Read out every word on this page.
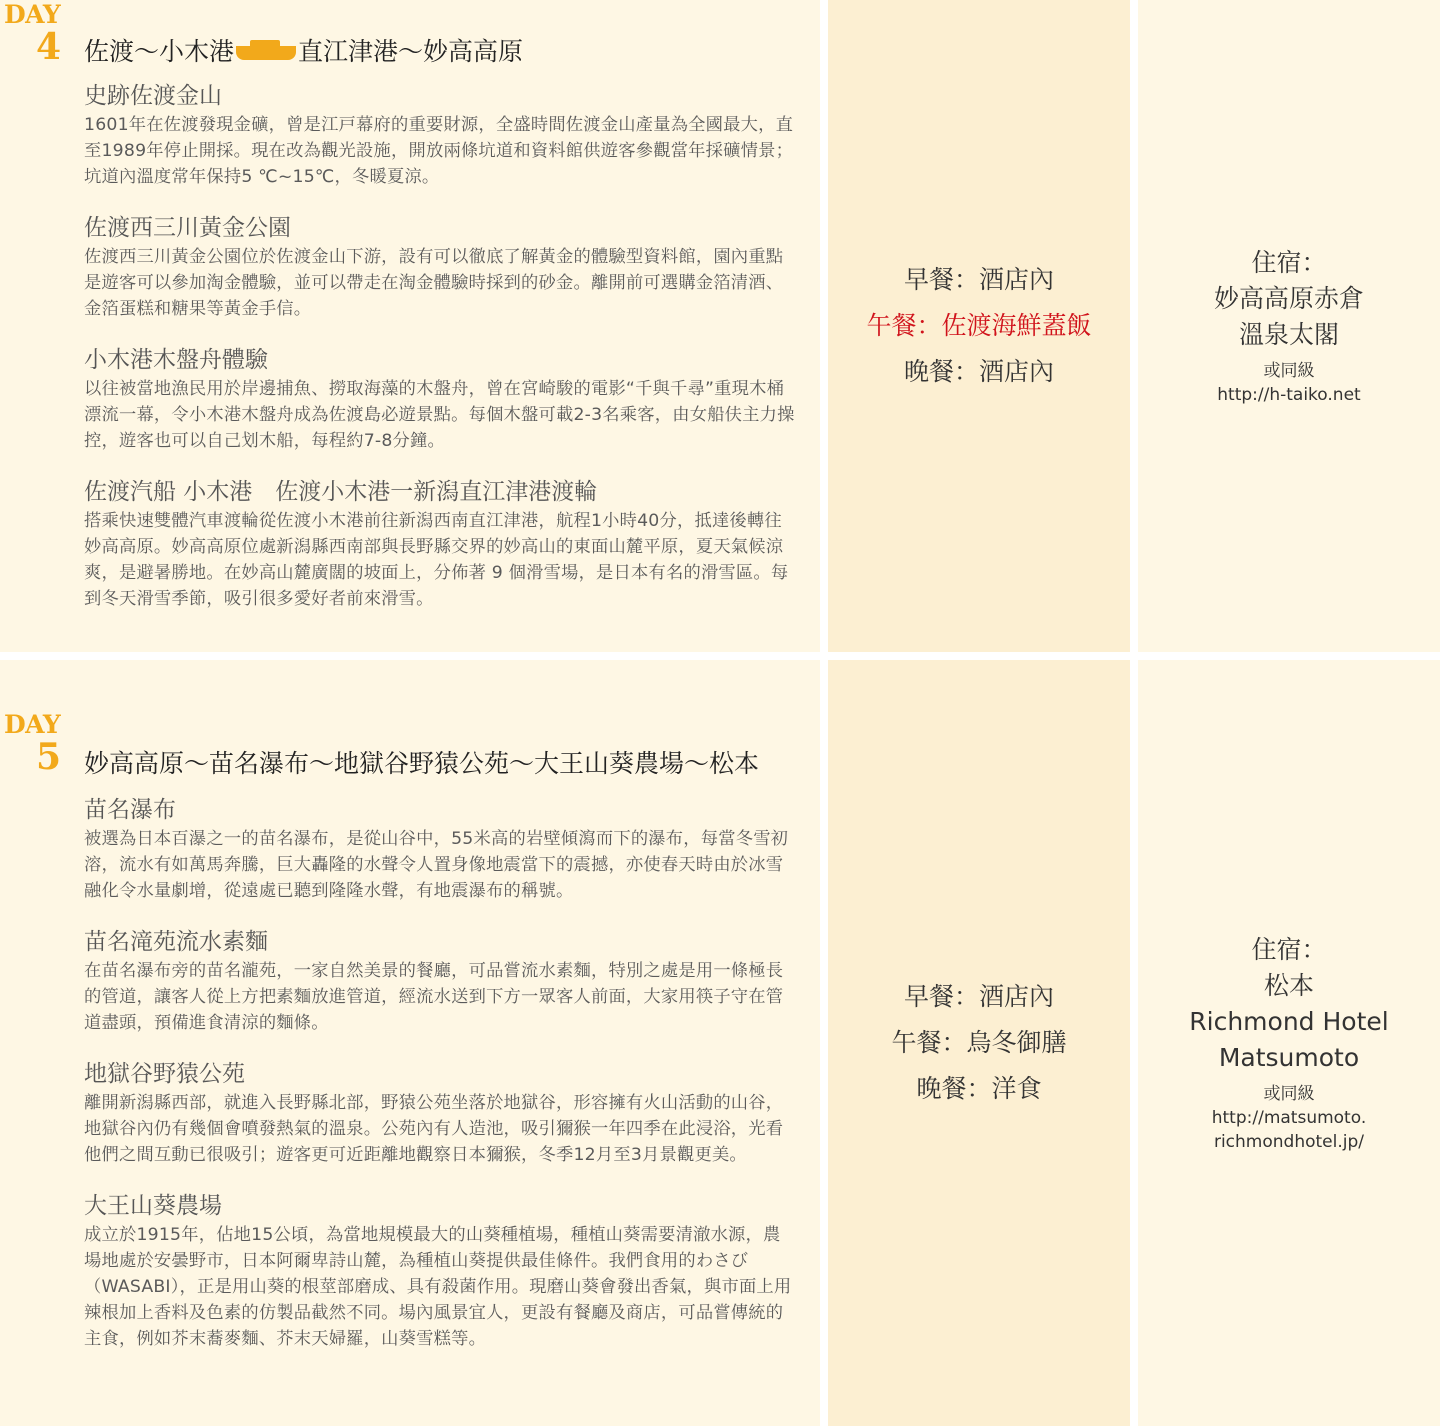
DAY
4 佐渡～小木港	直江津港～妙高高原
史跡佐渡金山
1601年在佐渡發現金礦，曾是江戸幕府的重要財源，全盛時間佐渡金山產量為全國最大，直至1989年停止開採。現在改為觀光設施，開放兩條坑道和資料館供遊客參觀當年採礦情景；坑道內溫度常年保持5 ℃~15℃，冬暖夏涼。
佐渡西三川黃金公園
佐渡西三川黃金公園位於佐渡金山下游，設有可以徹底了解黃金的體驗型資料館，園內重點是遊客可以參加淘金體驗，並可以帶走在淘金體驗時採到的砂金。離開前可選購金箔清酒、金箔蛋糕和糖果等黃金手信。
小木港木盤舟體驗
以往被當地漁民用於岸邊捕魚、撈取海藻的木盤舟，曾在宮崎駿的電影“千與千尋”重現木桶漂流一幕，令小木港木盤舟成為佐渡島必遊景點。每個木盤可載2-3名乘客，由女船伕主力操控，遊客也可以自己划木船，每程約7-8分鐘。
佐渡汽船 小木港　佐渡小木港一新潟直江津港渡輪
搭乘快速雙體汽車渡輪從佐渡小木港前往新潟西南直江津港，航程1小時40分，抵達後轉往妙高高原。妙高高原位處新潟縣西南部與長野縣交界的妙高山的東面山麓平原，夏天氣候涼爽，是避暑勝地。在妙高山麓廣闊的坡面上，分佈著 9 個滑雪場，是日本有名的滑雪區。每到冬天滑雪季節，吸引很多愛好者前來滑雪。
早餐：酒店內
午餐：佐渡海鮮蓋飯
晚餐：酒店內
住宿：
妙高高原赤倉
溫泉太閣
或同級
http://h-taiko.net
DAY
5 妙高高原～苗名瀑布～地獄谷野猿公苑～大王山葵農場～松本
苗名瀑布
被選為日本百瀑之一的苗名瀑布，是從山谷中，55米高的岩壁傾瀉而下的瀑布，每當冬雪初溶，流水有如萬馬奔騰，巨大轟隆的水聲令人置身像地震當下的震撼，亦使春天時由於冰雪融化令水量劇增，從遠處已聽到隆隆水聲，有地震瀑布的稱號。
苗名滝苑流水素麵
在苗名瀑布旁的苗名瀧苑，一家自然美景的餐廳，可品嘗流水素麵，特別之處是用一條極長的管道，讓客人從上方把素麵放進管道，經流水送到下方一眾客人前面，大家用筷子守在管道盡頭，預備進食清涼的麵條。
地獄谷野猿公苑
離開新潟縣西部，就進入長野縣北部，野猿公苑坐落於地獄谷，形容擁有火山活動的山谷，地獄谷內仍有幾個會噴發熱氣的溫泉。公苑內有人造池，吸引獮猴一年四季在此浸浴，光看他們之間互動已很吸引；遊客更可近距離地觀察日本獮猴，冬季12月至3月景觀更美。
大王山葵農場
成立於1915年，佔地15公頃，為當地規模最大的山葵種植場，種植山葵需要清澈水源，農場地處於安曇野市，日本阿爾卑詩山麓，為種植山葵提供最佳條件。我們食用的わさび（WASABI），正是用山葵的根莖部磨成、具有殺菌作用。現磨山葵會發出香氣，與市面上用辣根加上香料及色素的仿製品截然不同。場內風景宜人，更設有餐廳及商店，可品嘗傳統的主食，例如芥末蕎麥麵、芥末天婦羅，山葵雪糕等。
早餐：酒店內
午餐：烏冬御膳
晚餐：洋食
住宿：
松本
Richmond Hotel
Matsumoto
或同級
http://matsumoto.
richmondhotel.jp/
